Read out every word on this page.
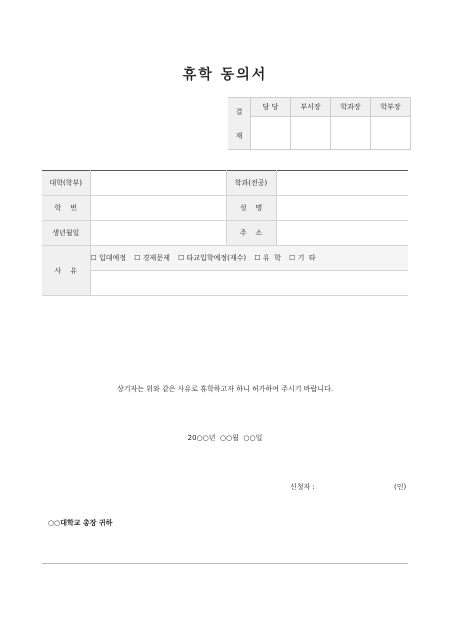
휴학 동의서
결
재	담 당	부서장	학과장	학부장

대학(학부)		학과(전공)	
학    번		성    명	
생년월일		주    소	
사    유	☐ 입대예정 ☐ 경제문제 ☐ 타교입학예정(재수) ☐ 유  학 ☐ 기  타		

상기자는 위와 같은 사유로 휴학하고자 하니 허가하여 주시기 바랍니다.
20○○년  ○○월  ○○일
신청자 :	(인)
○○대학교 총장 귀하
